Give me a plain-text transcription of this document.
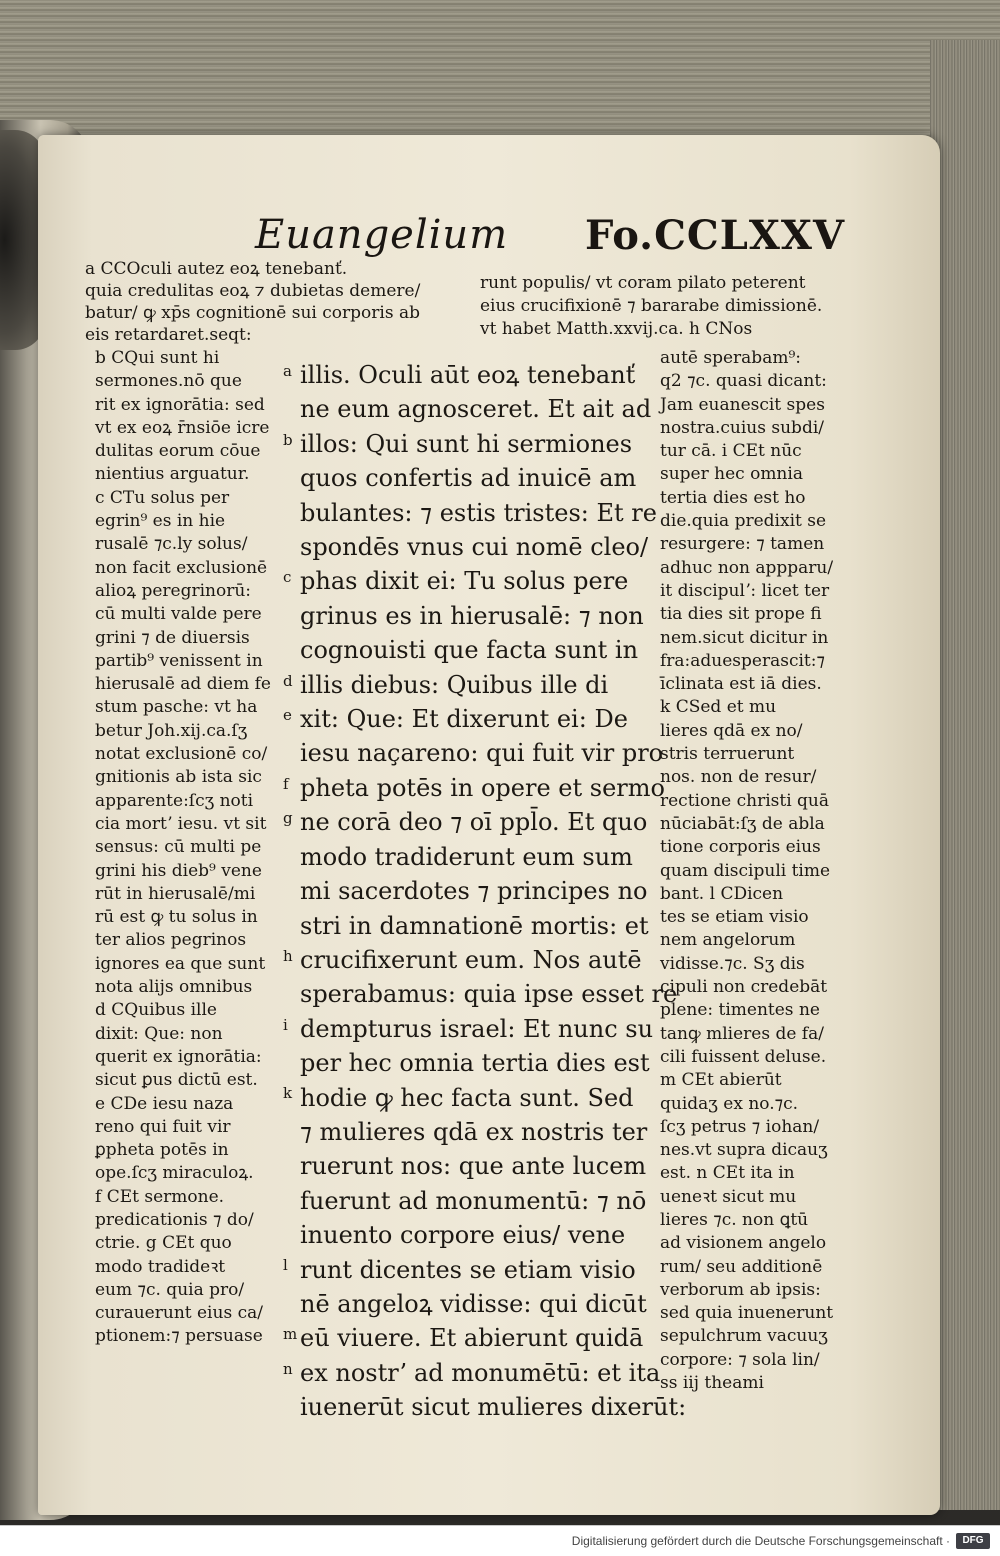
Euangelium Fo.CCLXXV
a CCOculi autez eoꝝ tenebanť.
quia credulitas eoꝝ ⁊ dubietas demere/
batur/ ꝙ xp̄s cognitionē sui corporis ab
eis retardaret.seqt:
runt populis/ vt coram pilato peterent
eius crucifixionē ⁊ bararabe dimissionē.
vt habet Matth.xxvij.ca. h CNos
b CQui sunt hi
sermones.nō que
rit ex ignorātia: sed
vt ex eoꝝ r̄nsiōe icre
dulitas eorum cōue
nientius arguatur.
c CTu solus per
egrin⁹ es in hie
rusalē ⁊c.ly solus/
non facit exclusionē
alioꝝ peregrinorū:
cū multi valde pere
grini ⁊ de diuersis
partib⁹ venissent in
hierusalē ad diem fe
stum pasche: vt ha
betur Joh.xij.ca.ſʒ
notat exclusionē co/
gnitionis ab ista sic
apparente:ſcʒ noti
cia mortʼ iesu. vt sit
sensus: cū multi pe
grini his dieb⁹ vene
rūt in hierusalē/mi
rū est ꝙ tu solus in
ter alios pegrinos
ignores ea que sunt
nota alijs omnibus
d CQuibus ille
dixit: Que: non
querit ex ignorātia:
sicut ꝑus dictū est.
e CDe iesu naza
reno qui fuit vir
ꝑpheta potēs in
ope.ſcʒ miraculoꝝ.
f CEt sermone.
predicationis ⁊ do/
ctrie. g CEt quo
modo tradideꝛt
eum ⁊c. quia pro/
curauerunt eius ca/
ptionem:⁊ persuase
illis. Oculi aūt eoꝝ tenebanť
ne eum agnosceret. Et ait ad
illos: Qui sunt hi sermiones
quos confertis ad inuicē am
bulantes: ⁊ estis tristes: Et re
spondēs vnus cui nomē cleo/
phas dixit ei: Tu solus pere
grinus es in hierusalē: ⁊ non
cognouisti que facta sunt in
illis diebus: Quibus ille di
xit: Que: Et dixerunt ei: De
iesu naçareno: qui fuit vir pro
pheta potēs in opere et sermo
ne corā deo ⁊ oī ppl̄o. Et quo
modo tradiderunt eum sum
mi sacerdotes ⁊ principes no
stri in damnationē mortis: et
crucifixerunt eum. Nos autē
sperabamus: quia ipse esset re
dempturus israel: Et nunc su
per hec omnia tertia dies est
hodie ꝙ hec facta sunt. Sed
⁊ mulieres qdā ex nostris ter
ruerunt nos: que ante lucem
fuerunt ad monumentū: ⁊ nō
inuento corpore eius/ vene
runt dicentes se etiam visio
nē angeloꝝ vidisse: qui dicūt
eū viuere. Et abierunt quidā
ex nostrʼ ad monumētū: et ita
iuenerūt sicut mulieres dixerūt:
autē sperabam⁹:
q2 ⁊c. quasi dicant:
Jam euanescit spes
nostra.cuius subdi/
tur cā. i CEt nūc
super hec omnia
tertia dies est ho
die.quia predixit se
resurgere: ⁊ tamen
adhuc non appparu/
it discipulʼ: licet ter
tia dies sit prope fi
nem.sicut dicitur in
fra:aduesperascit:⁊
īclinata est iā dies.
k CSed et mu
lieres qdā ex no/
stris terruerunt
nos. non de resur/
rectione christi quā
nūciabāt:ſʒ de abla
tione corporis eius
quam discipuli time
bant. l CDicen
tes se etiam visio
nem angelorum
vidisse.⁊c. Sʒ dis
cipuli non credebāt
plene: timentes ne
tanꝙ mlieres de fa/
cili fuissent deluse.
m CEt abierūt
quidaʒ ex no.⁊c.
ſcʒ petrus ⁊ iohan/
nes.vt supra dicauʒ
est. n CEt ita in
ueneꝛt sicut mu
lieres ⁊c. non ꝗtū
ad visionem angelo
rum/ seu additionē
verborum ab ipsis:
sed quia inuenerunt
sepulchrum vacuuʒ
corpore: ⁊ sola lin/
ss iij theami
a
b
c
d
e
f
g
h
i
k
l
m
n
Digitalisierung gefördert durch die Deutsche Forschungsgemeinschaft ·	DFG
